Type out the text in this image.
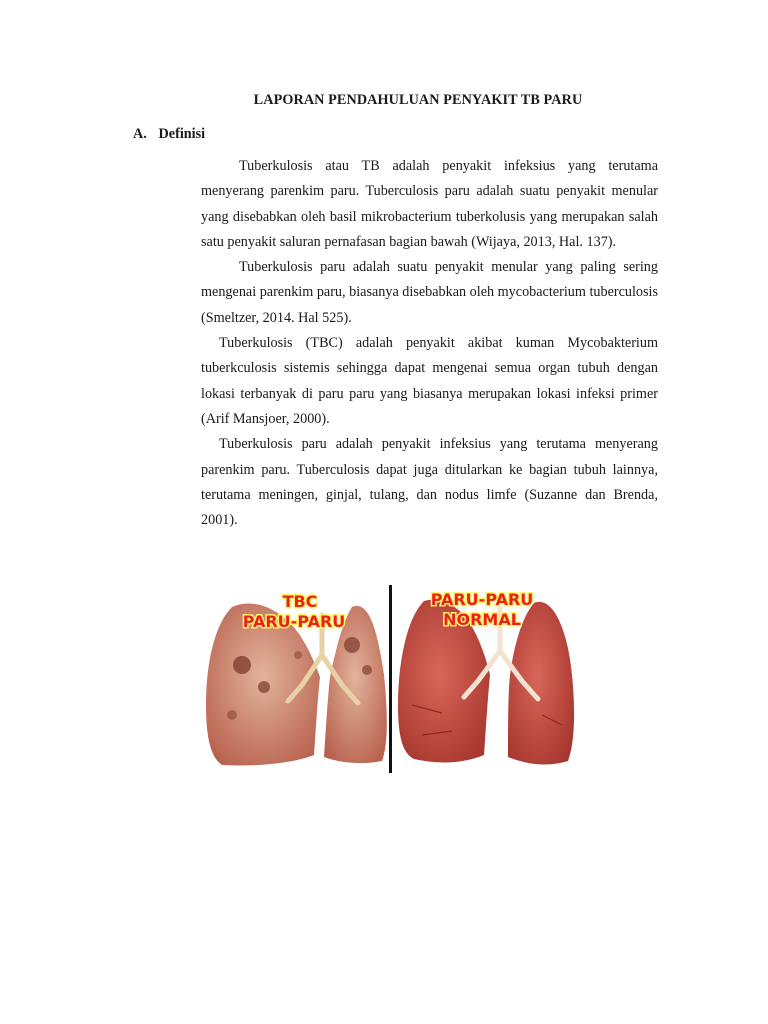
LAPORAN PENDAHULUAN PENYAKIT TB PARU
A. Definisi

Tuberkulosis atau TB adalah penyakit infeksius yang terutama menyerang parenkim paru. Tuberculosis paru adalah suatu penyakit menular yang disebabkan oleh basil mikrobacterium tuberkolusis yang merupakan salah satu penyakit saluran pernafasan bagian bawah (Wijaya, 2013, Hal. 137).

Tuberkulosis paru adalah suatu penyakit menular yang paling sering mengenai parenkim paru, biasanya disebabkan oleh mycobacterium tuberculosis (Smeltzer, 2014. Hal 525).

Tuberkulosis (TBC) adalah penyakit akibat kuman Mycobakterium tuberkculosis sistemis sehingga dapat mengenai semua organ tubuh dengan lokasi terbanyak di paru paru yang biasanya merupakan lokasi infeksi primer (Arif Mansjoer, 2000).

Tuberkulosis paru adalah penyakit infeksius yang terutama menyerang parenkim paru. Tuberculosis dapat juga ditularkan ke bagian tubuh lainnya, terutama meningen, ginjal, tulang, dan nodus limfe (Suzanne dan Brenda, 2001).

TBC
PARU-PARU
PARU-PARU
NORMAL
